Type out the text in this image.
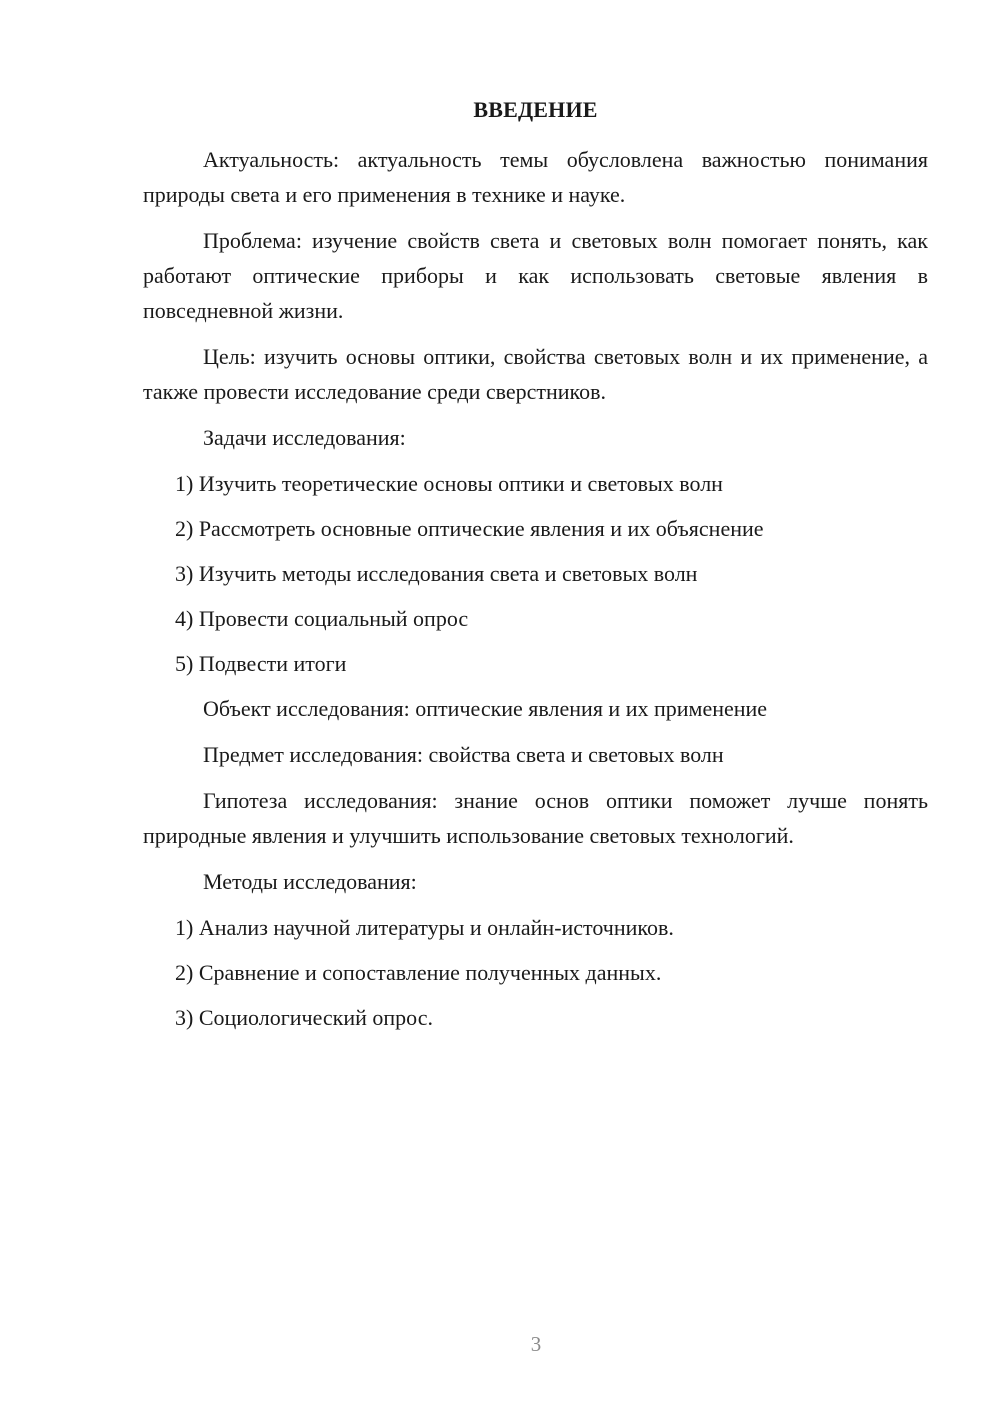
ВВЕДЕНИЕ
Актуальность: актуальность темы обусловлена важностью понимания природы света и его применения в технике и науке.
Проблема: изучение свойств света и световых волн помогает понять, как работают оптические приборы и как использовать световые явления в повседневной жизни.
Цель: изучить основы оптики, свойства световых волн и их применение, а также провести исследование среди сверстников.
Задачи исследования:
1) Изучить теоретические основы оптики и световых волн
2) Рассмотреть основные оптические явления и их объяснение
3) Изучить методы исследования света и световых волн
4) Провести социальный опрос
5) Подвести итоги
Объект исследования: оптические явления и их применение
Предмет исследования: свойства света и световых волн
Гипотеза исследования: знание основ оптики поможет лучше понять природные явления и улучшить использование световых технологий.
Методы исследования:
1) Анализ научной литературы и онлайн-источников.
2) Сравнение и сопоставление полученных данных.
3) Социологический опрос.
3
